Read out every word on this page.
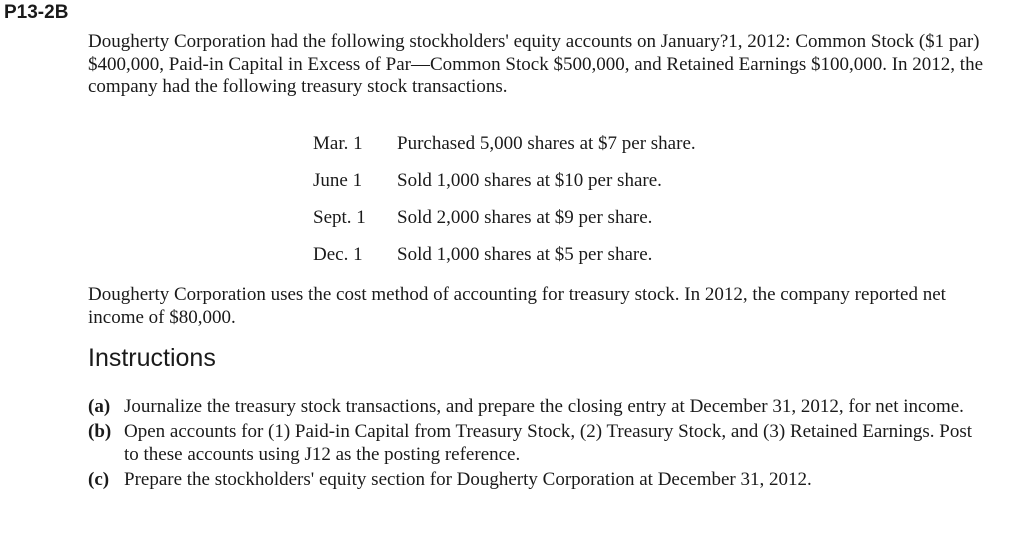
P13-2B

Dougherty Corporation had the following stockholders' equity accounts on January?1, 2012: Common Stock ($1 par) $400,000, Paid-in Capital in Excess of Par—Common Stock $500,000, and Retained Earnings $100,000. In 2012, the company had the following treasury stock transactions.

Mar. 1	Purchased 5,000 shares at $7 per share.
June 1	Sold 1,000 shares at $10 per share.
Sept. 1	Sold 2,000 shares at $9 per share.
Dec. 1	Sold 1,000 shares at $5 per share.

Dougherty Corporation uses the cost method of accounting for treasury stock. In 2012, the company reported net income of $80,000.

Instructions
(a) Journalize the treasury stock transactions, and prepare the closing entry at December 31, 2012, for net income.
(b) Open accounts for (1) Paid-in Capital from Treasury Stock, (2) Treasury Stock, and (3) Retained Earnings. Post to these accounts using J12 as the posting reference.
(c) Prepare the stockholders' equity section for Dougherty Corporation at December 31, 2012.
